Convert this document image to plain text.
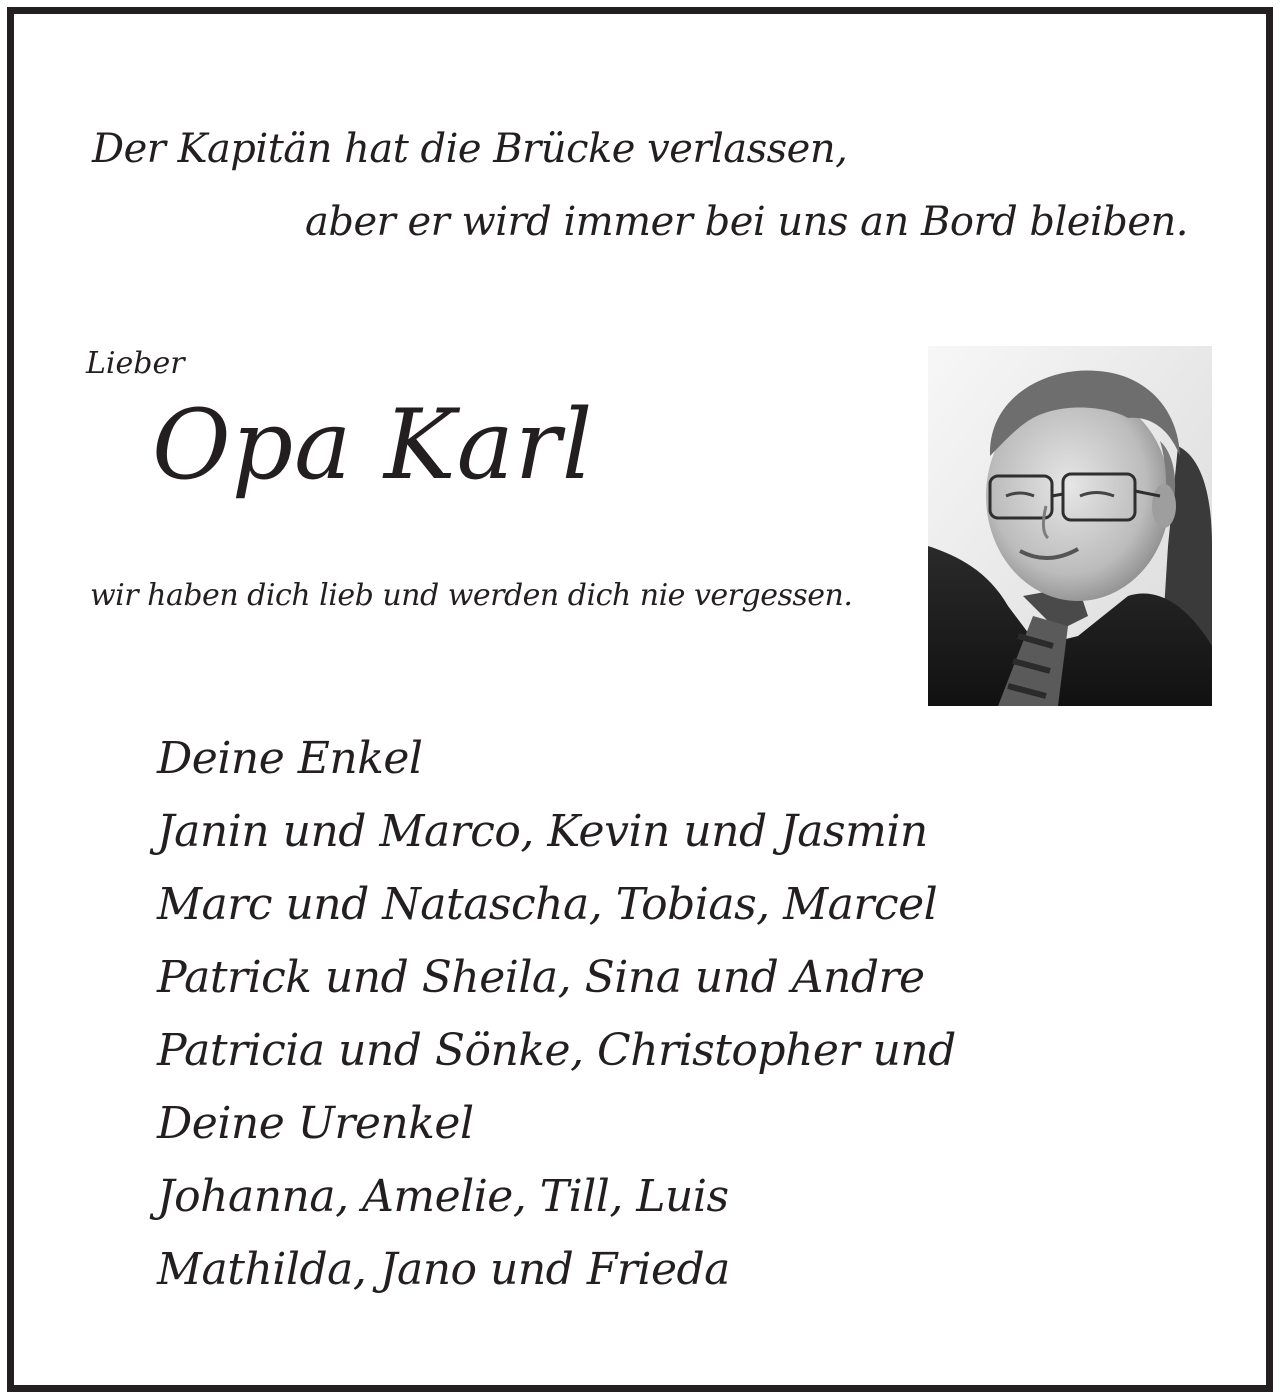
Der Kapitän hat die Brücke verlassen,
aber er wird immer bei uns an Bord bleiben.
Lieber
Opa Karl
wir haben dich lieb und werden dich nie vergessen.
Deine Enkel
Janin und Marco, Kevin und Jasmin
Marc und Natascha, Tobias, Marcel
Patrick und Sheila, Sina und Andre
Patricia und Sönke, Christopher und
Deine Urenkel
Johanna, Amelie, Till, Luis
Mathilda, Jano und Frieda
